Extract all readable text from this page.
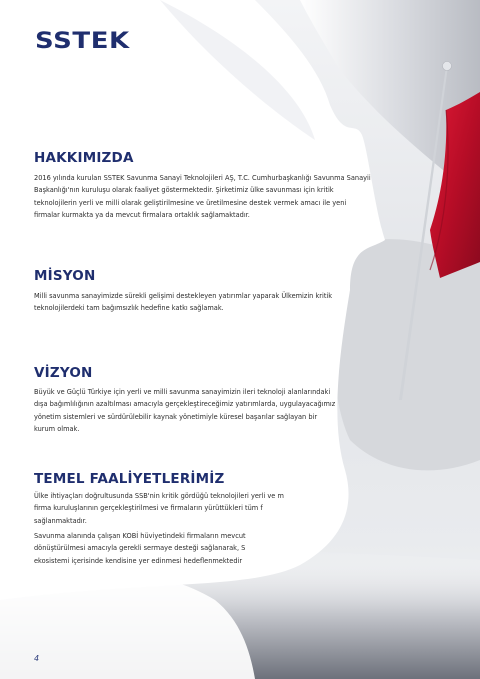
SSTEK
HAKKIMIZDA

2016 yılında kurulan SSTEK Savunma Sanayi Teknolojileri AŞ, T.C. Cumhurbaşkanlığı Savunma Sanayii
Başkanlığı'nın kuruluşu olarak faaliyet göstermektedir. Şirketimiz ülke savunması için kritik
teknolojilerin yerli ve milli olarak geliştirilmesine ve üretilmesine destek vermek amacı ile yeni
firmalar kurmakta ya da mevcut firmalara ortaklık sağlamaktadır.

MİSYON

Milli savunma sanayimizde sürekli gelişimi destekleyen yatırımlar yaparak Ülkemizin kritik
teknolojilerdeki tam bağımsızlık hedefine katkı sağlamak.

VİZYON

Büyük ve Güçlü Türkiye için yerli ve milli savunma sanayimizin ileri teknoloji alanlarındaki
dışa bağımlılığının azaltılması amacıyla gerçekleştireceğimiz yatırımlarda, uygulayacağımız
yönetim sistemleri ve sürdürülebilir kaynak yönetimiyle küresel başarılar sağlayan bir
kurum olmak.

TEMEL FAALİYETLERİMİZ

Ülke ihtiyaçları doğrultusunda SSB'nin kritik gördüğü teknolojileri yerli ve m
firma kuruluşlarının gerçekleştirilmesi ve firmaların yürüttükleri tüm f
sağlanmaktadır.

Savunma alanında çalışan KOBİ hüviyetindeki firmaların mevcut
dönüştürülmesi amacıyla gerekli sermaye desteği sağlanarak, S
ekosistemi içerisinde kendisine yer edinmesi hedeflenmektedir

4
